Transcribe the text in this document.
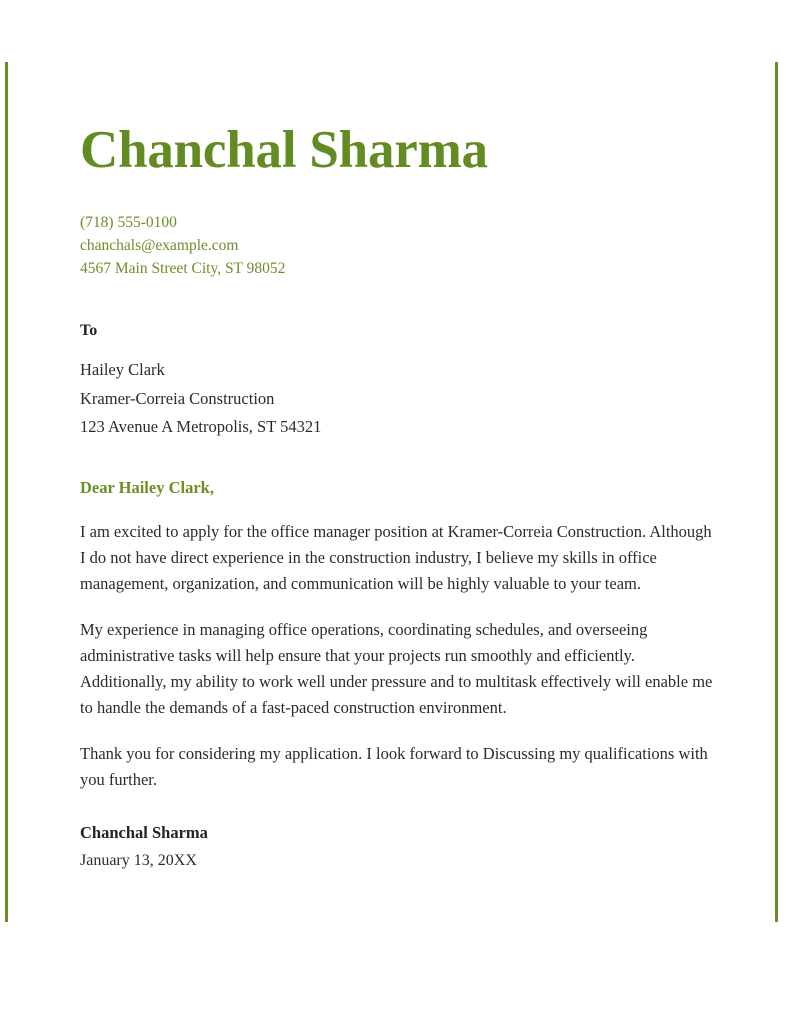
Chanchal Sharma
(718) 555-0100
chanchals@example.com
4567 Main Street City, ST 98052
To
Hailey Clark
Kramer-Correia Construction
123 Avenue A Metropolis, ST 54321
Dear Hailey Clark,

I am excited to apply for the office manager position at Kramer-Correia Construction. Although I do not have direct experience in the construction industry, I believe my skills in office management, organization, and communication will be highly valuable to your team.

My experience in managing office operations, coordinating schedules, and overseeing administrative tasks will help ensure that your projects run smoothly and efficiently. Additionally, my ability to work well under pressure and to multitask effectively will enable me to handle the demands of a fast-paced construction environment.

Thank you for considering my application. I look forward to Discussing my qualifications with you further.

Chanchal Sharma
January 13, 20XX
